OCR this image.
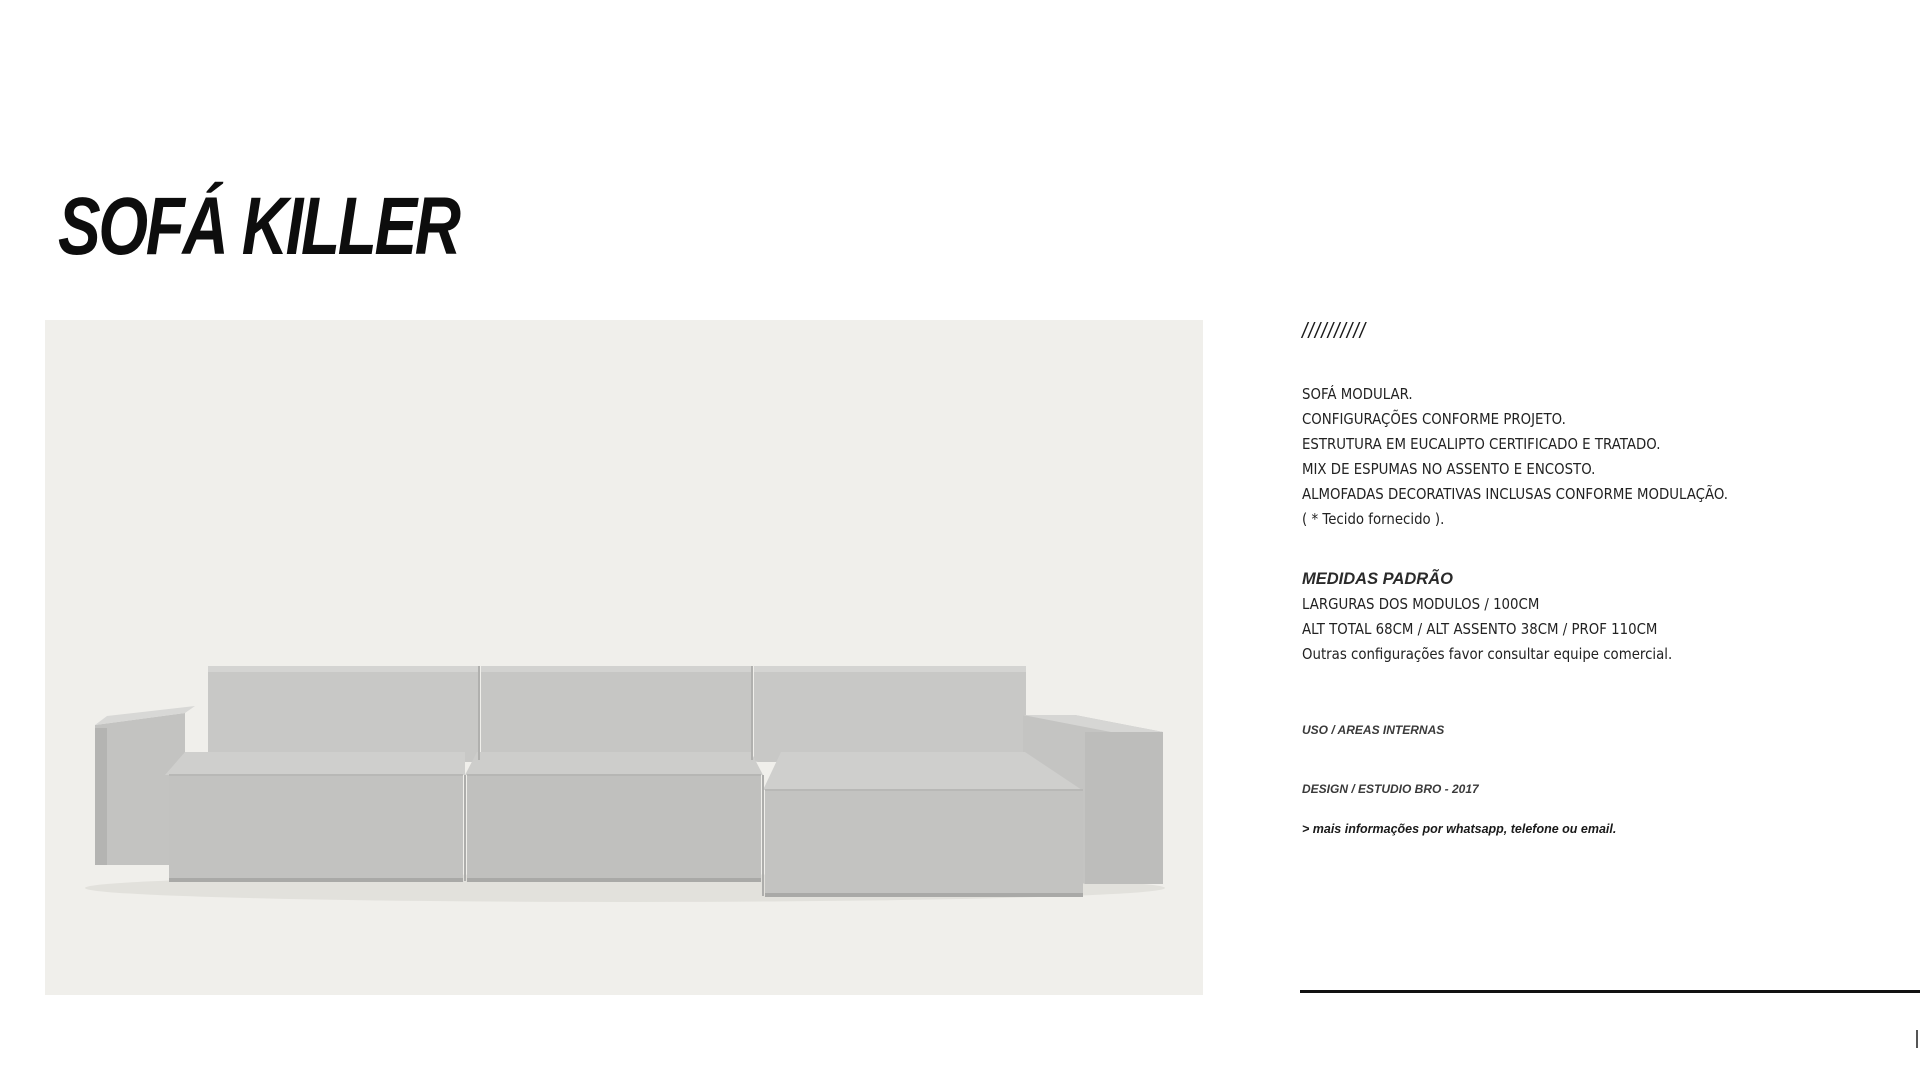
SOFÁ KILLER
//////////
SOFÁ MODULAR.
CONFIGURAÇÕES CONFORME PROJETO.
ESTRUTURA EM EUCALIPTO CERTIFICADO E TRATADO.
MIX DE ESPUMAS NO ASSENTO E ENCOSTO.
ALMOFADAS DECORATIVAS INCLUSAS CONFORME MODULAÇÃO.
( * Tecido fornecido ).
MEDIDAS PADRÃO
LARGURAS DOS MODULOS / 100CM
ALT TOTAL 68CM / ALT ASSENTO 38CM / PROF 110CM
Outras configurações favor consultar equipe comercial.
USO / AREAS INTERNAS
DESIGN / ESTUDIO BRO - 2017
> mais informações por whatsapp, telefone ou email.
